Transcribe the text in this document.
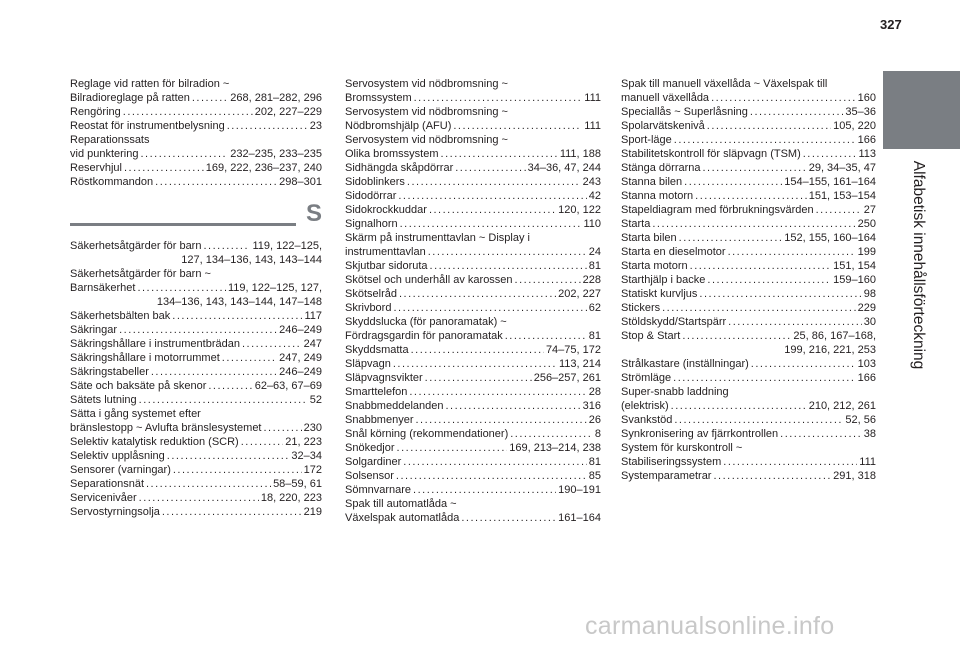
327
Alfabetisk innehållsförteckning
Reglage vid ratten för bilradion ~
Bilradioreglage på ratten .....	268, 281–282, 296
Rengöring .....	202, 227–229
Reostat för instrumentbelysning .....	23
Reparationssats
vid punktering .....	232–235, 233–235
Reservhjul .....	169, 222, 236–237, 240
Röstkommandon .....	298–301
S
Säkerhetsåtgärder för barn .....	119, 122–125,
127, 134–136, 143, 143–144
Säkerhetsåtgärder för barn ~
Barnsäkerhet .....	119, 122–125, 127,
134–136, 143, 143–144, 147–148
Säkerhetsbälten bak .....	117
Säkringar .....	246–249
Säkringshållare i instrumentbrädan .....	247
Säkringshållare i motorrummet .....	247, 249
Säkringstabeller .....	246–249
Säte och baksäte på skenor .....	62–63, 67–69
Sätets lutning .....	52
Sätta i gång systemet efter
bränslestopp ~ Avlufta bränslesystemet .....	230
Selektiv katalytisk reduktion (SCR) .....	21, 223
Selektiv upplåsning .....	32–34
Sensorer (varningar) .....	172
Separationsnät .....	58–59, 61
Servicenivåer .....	18, 220, 223
Servostyrningsolja .....	219
Servosystem vid nödbromsning ~
Bromssystem .....	111
Servosystem vid nödbromsning ~
Nödbromshjälp (AFU) .....	111
Servosystem vid nödbromsning ~
Olika bromssystem .....	111, 188
Sidhängda skåpdörrar .....	34–36, 47, 244
Sidoblinkers .....	243
Sidodörrar .....	42
Sidokrockkuddar .....	120, 122
Signalhorn .....	110
Skärm på instrumenttavlan ~ Display i
instrumenttavlan .....	24
Skjutbar sidoruta .....	81
Skötsel och underhåll av karossen .....	228
Skötselråd .....	202, 227
Skrivbord .....	62
Skyddslucka (för panoramatak) ~
Fördragsgardin för panoramatak .....	81
Skyddsmatta .....	74–75, 172
Släpvagn .....	113, 214
Släpvagnsvikter .....	256–257, 261
Smarttelefon .....	28
Snabbmeddelanden .....	316
Snabbmenyer .....	26
Snål körning (rekommendationer) .....	8
Snökedjor .....	169, 213–214, 238
Solgardiner .....	81
Solsensor .....	85
Sömnvarnare .....	190–191
Spak till automatlåda ~
Växelspak automatlåda .....	161–164
Spak till manuell växellåda ~ Växelspak till
manuell växellåda .....	160
Speciallås ~ Superlåsning .....	35–36
Spolarvätskenivå .....	105, 220
Sport-läge .....	166
Stabilitetskontroll för släpvagn (TSM) .....	113
Stänga dörrarna .....	29, 34–35, 47
Stanna bilen .....	154–155, 161–164
Stanna motorn .....	151, 153–154
Stapeldiagram med förbrukningsvärden .....	27
Starta .....	250
Starta bilen .....	152, 155, 160–164
Starta en dieselmotor .....	199
Starta motorn .....	151, 154
Starthjälp i backe .....	159–160
Statiskt kurvljus .....	98
Stickers .....	229
Stöldskydd/Startspärr .....	30
Stop & Start .....	25, 86, 167–168,
199, 216, 221, 253
Strålkastare (inställningar) .....	103
Strömläge .....	166
Super-snabb laddning
(elektrisk) .....	210, 212, 261
Svankstöd .....	52, 56
Synkronisering av fjärrkontrollen .....	38
System för kurskontroll ~
Stabiliseringssystem .....	111
Systemparametrar .....	291, 318
carmanualsonline.info
